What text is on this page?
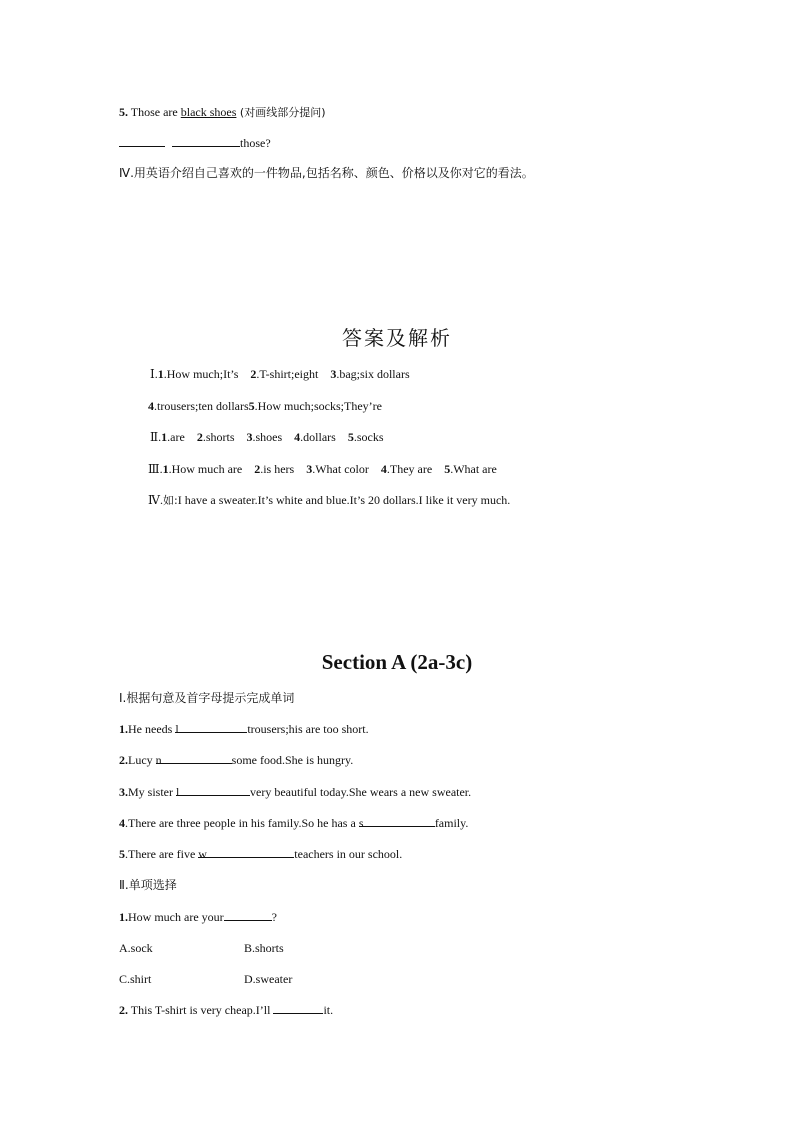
5. Those are black shoes (对画线部分提问)
those?
Ⅳ.用英语介绍自己喜欢的一件物品,包括名称、颜色、价格以及你对它的看法。
答案及解析
Ⅰ.1.How much;It’s 2.T-shirt;eight 3.bag;six dollars
4.trousers;ten dollars5.How much;socks;They’re
Ⅱ.1.are 2.shorts 3.shoes 4.dollars 5.socks
Ⅲ.1.How much are 2.is hers 3.What color 4.They are 5.What are
Ⅳ.如:I have a sweater.It’s white and blue.It’s 20 dollars.I like it very much.
Section A (2a-3c)
Ⅰ.根据句意及首字母提示完成单词
1.He needs l	trousers;his are too short.
2.Lucy n	some food.She is hungry.
3.My sister l	very beautiful today.She wears a new sweater.
4.There are three people in his family.So he has a s	family.
5.There are five w	teachers in our school.
Ⅱ.单项选择
1.How much are your	?
A.sock	B.shorts
C.shirt	D.sweater
2. This T-shirt is very cheap.I’ll	it.
